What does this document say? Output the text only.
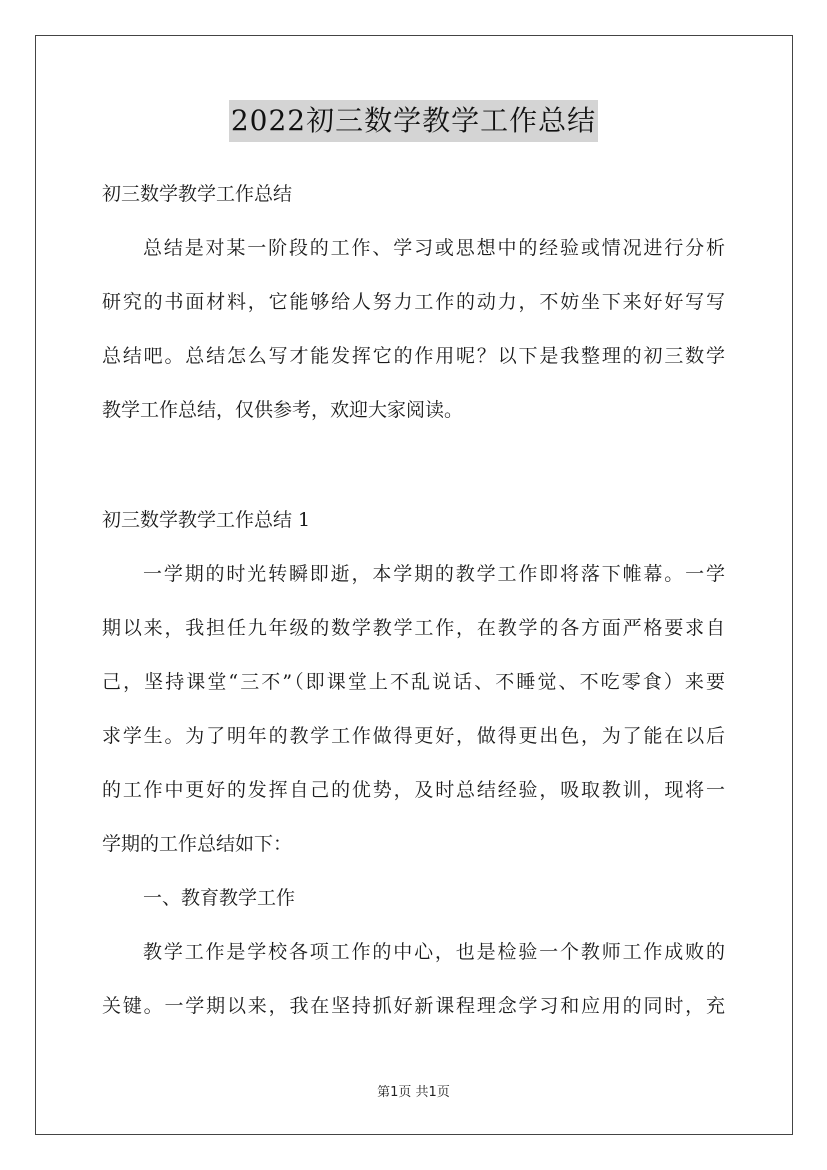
2022初三数学教学工作总结
初三数学教学工作总结
总结是对某一阶段的工作、学习或思想中的经验或情况进行分析
研究的书面材料，它能够给人努力工作的动力，不妨坐下来好好写写
总结吧。总结怎么写才能发挥它的作用呢？以下是我整理的初三数学
教学工作总结，仅供参考，欢迎大家阅读。
初三数学教学工作总结 1
一学期的时光转瞬即逝，本学期的教学工作即将落下帷幕。一学
期以来，我担任九年级的数学教学工作，在教学的各方面严格要求自
己，坚持课堂“三不”（即课堂上不乱说话、不睡觉、不吃零食）来要
求学生。为了明年的教学工作做得更好，做得更出色，为了能在以后
的工作中更好的发挥自己的优势，及时总结经验，吸取教训，现将一
学期的工作总结如下：
一、教育教学工作
教学工作是学校各项工作的中心，也是检验一个教师工作成败的
关键。一学期以来，我在坚持抓好新课程理念学习和应用的同时，充
第1页 共1页
